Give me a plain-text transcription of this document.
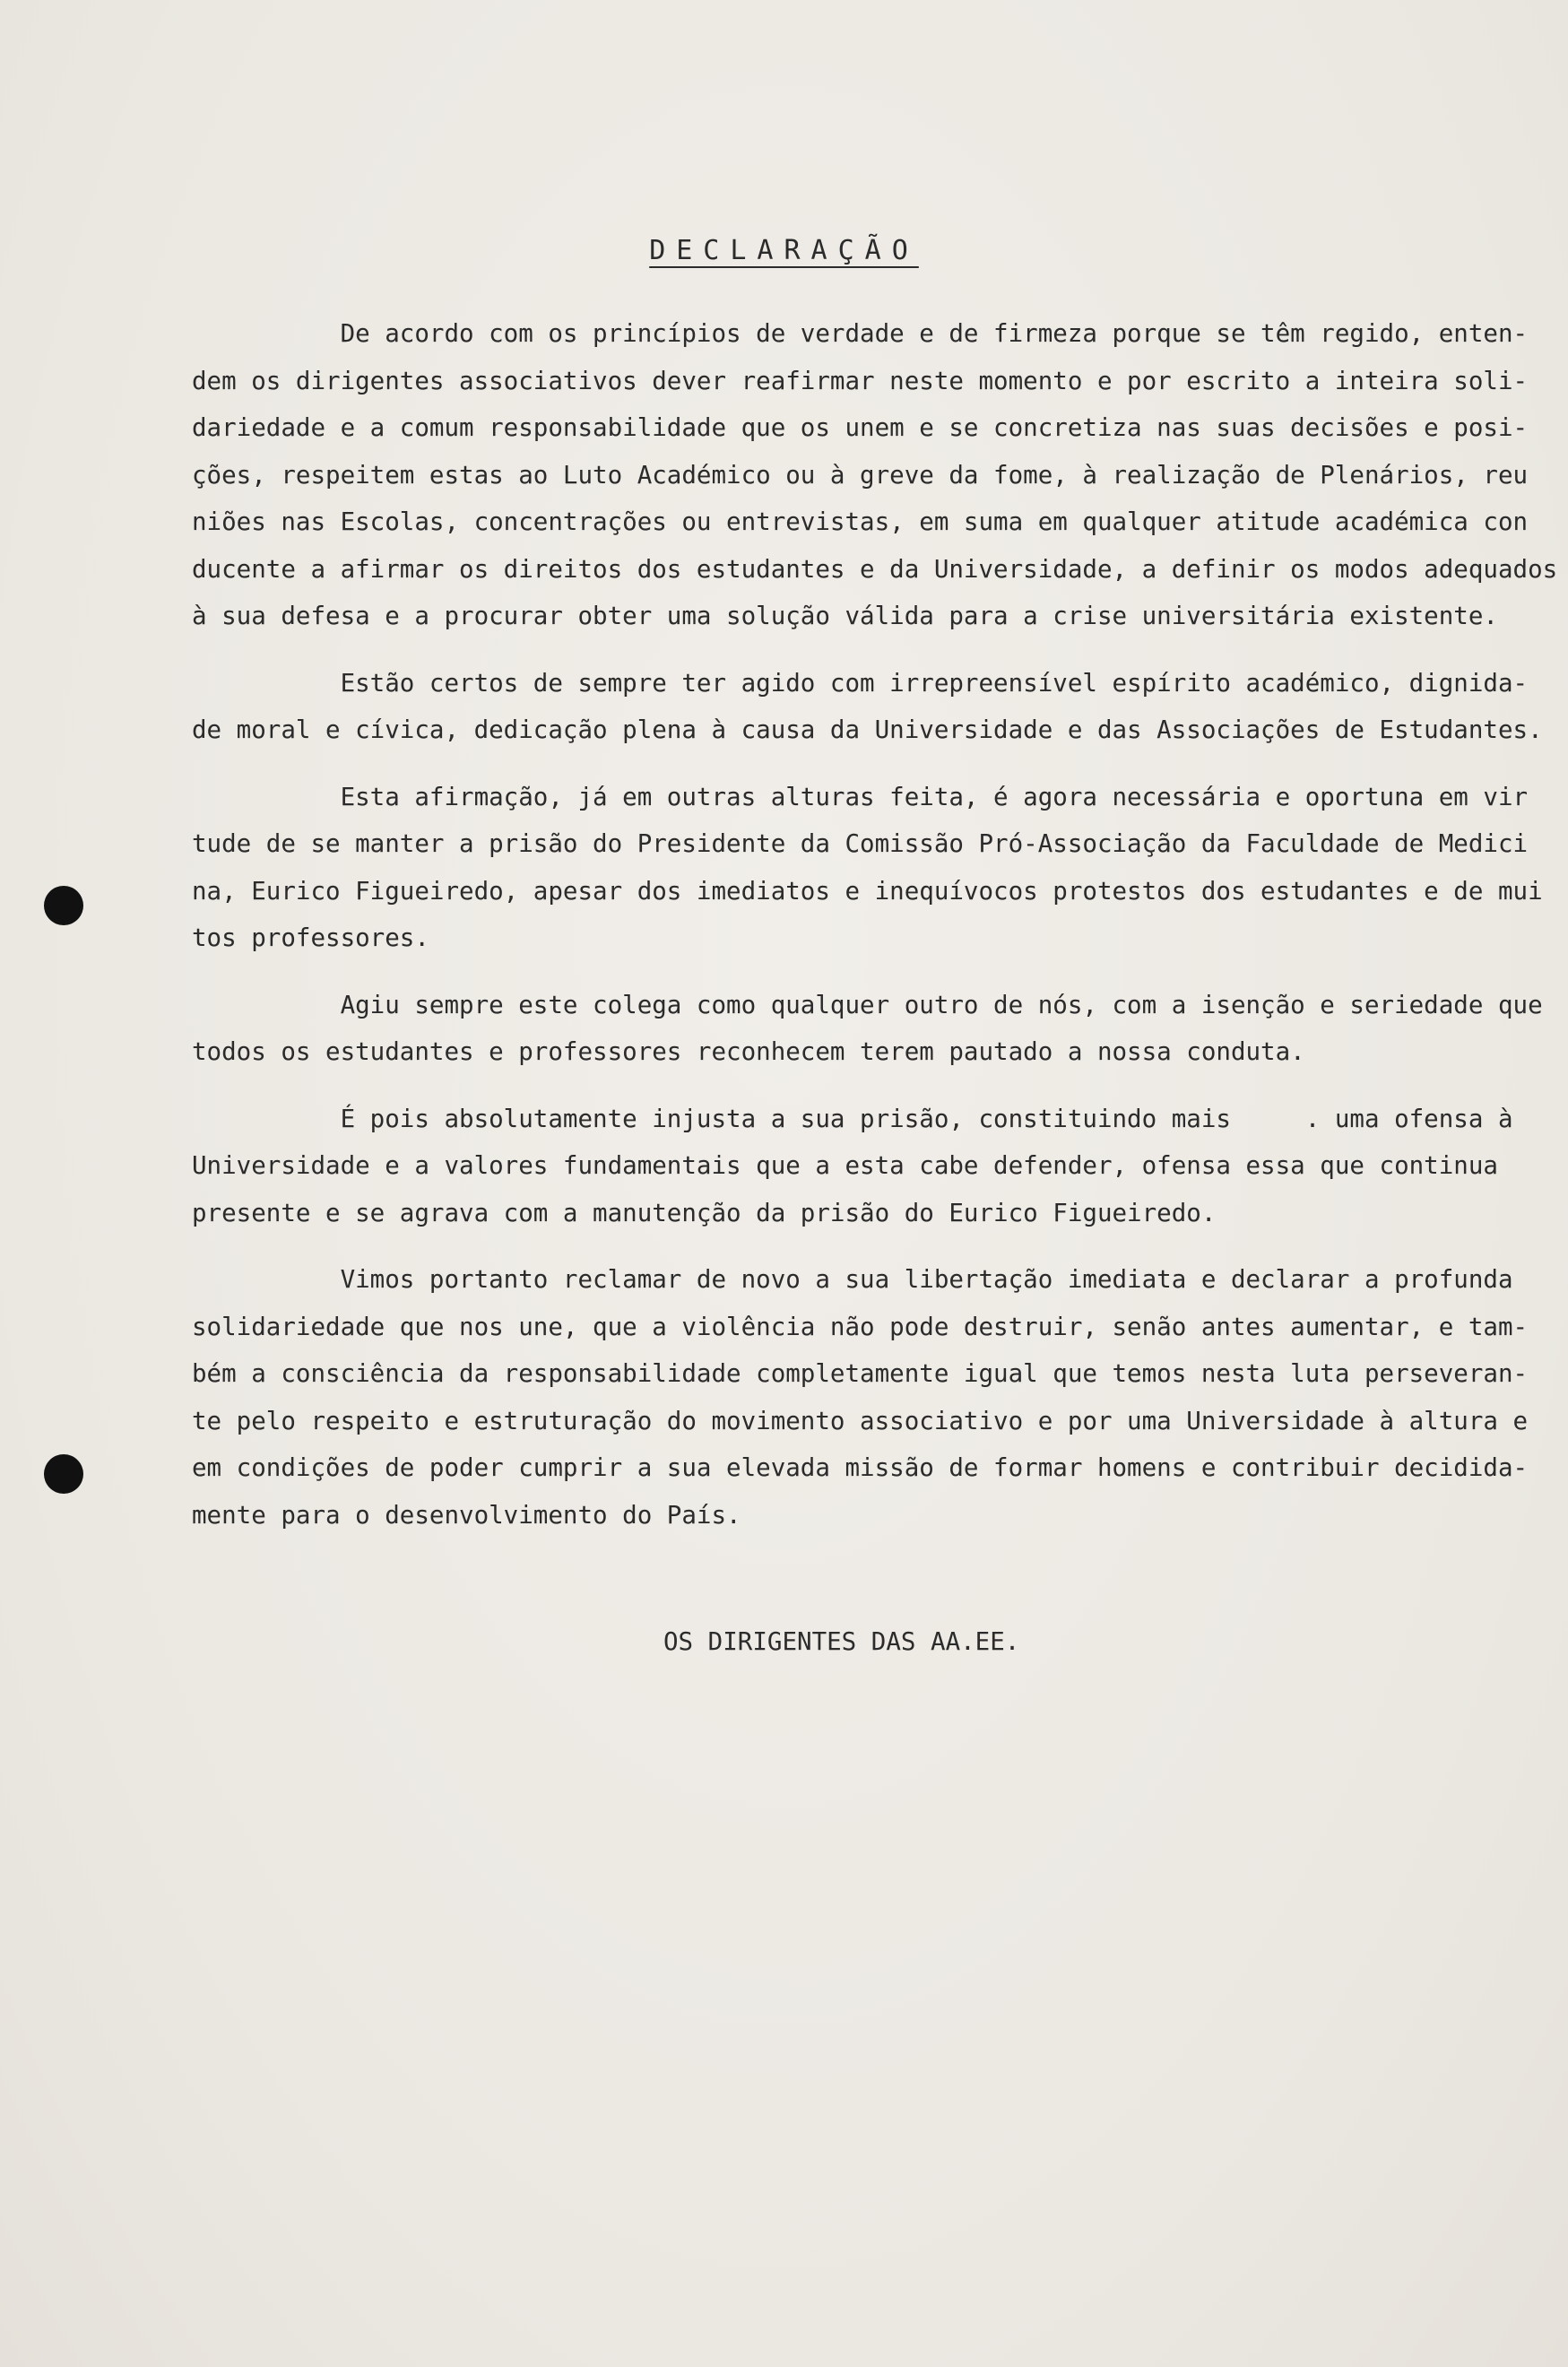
DECLARAÇÃO
De acordo com os princípios de verdade e de firmeza porque se têm regido, enten-
dem os dirigentes associativos dever reafirmar neste momento e por escrito a inteira soli-
dariedade e a comum responsabilidade que os unem e se concretiza nas suas decisões e posi-
ções, respeitem estas ao Luto Académico ou à greve da fome, à realização de Plenários, reu
niões nas Escolas, concentrações ou entrevistas, em suma em qualquer atitude académica con
ducente a afirmar os direitos dos estudantes e da Universidade, a definir os modos adequados
à sua defesa e a procurar obter uma solução válida para a crise universitária existente.
Estão certos de sempre ter agido com irrepreensível espírito académico, dignida-
de moral e cívica, dedicação plena à causa da Universidade e das Associações de Estudantes.
Esta afirmação, já em outras alturas feita, é agora necessária e oportuna em vir
tude de se manter a prisão do Presidente da Comissão Pró-Associação da Faculdade de Medici
na, Eurico Figueiredo, apesar dos imediatos e inequívocos protestos dos estudantes e de mui
tos professores.
Agiu sempre este colega como qualquer outro de nós, com a isenção e seriedade que
todos os estudantes e professores reconhecem terem pautado a nossa conduta.
É pois absolutamente injusta a sua prisão, constituindo mais     . uma ofensa à
Universidade e a valores fundamentais que a esta cabe defender, ofensa essa que continua
presente e se agrava com a manutenção da prisão do Eurico Figueiredo.
Vimos portanto reclamar de novo a sua libertação imediata e declarar a profunda
solidariedade que nos une, que a violência não pode destruir, senão antes aumentar, e tam-
bém a consciência da responsabilidade completamente igual que temos nesta luta perseveran-
te pelo respeito e estruturação do movimento associativo e por uma Universidade à altura e
em condições de poder cumprir a sua elevada missão de formar homens e contribuir decidida-
mente para o desenvolvimento do País.
OS DIRIGENTES DAS AA.EE.
